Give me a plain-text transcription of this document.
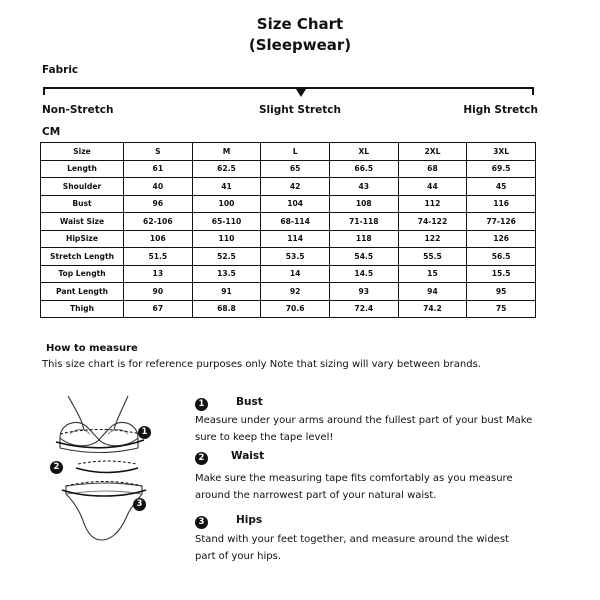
Size Chart
(Sleepwear)
Fabric
Non-Stretch	Slight Stretch	High Stretch
CM
Size	S	M	L	XL	2XL	3XL
Length	61	62.5	65	66.5	68	69.5
Shoulder	40	41	42	43	44	45
Bust	96	100	104	108	112	116
Waist Size	62-106	65-110	68-114	71-118	74-122	77-126
HipSize	106	110	114	118	122	126
Stretch Length	51.5	52.5	53.5	54.5	55.5	56.5
Top Length	13	13.5	14	14.5	15	15.5
Pant Length	90	91	92	93	94	95
Thigh	67	68.8	70.6	72.4	74.2	75
How to measure
This size chart is for reference purposes only Note that sizing will vary between brands.
1
2
3
1	Bust
Measure under your arms around the fullest part of your bust Make
sure to keep the tape level!
2	Waist
Make sure the measuring tape fits comfortably as you measure
around the narrowest part of your natural waist.
3	Hips
Stand with your feet together, and measure around the widest
part of your hips.
